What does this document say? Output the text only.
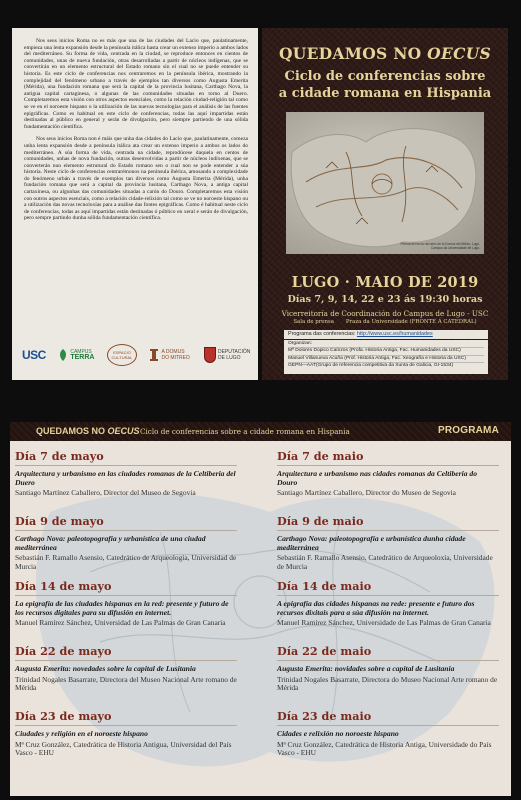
Nos seus inicios Roma no es más que una de las ciudades del Lacio que, paulatinamente, empieza una lenta expansión desde la península itálica hasta crear un extenso imperio a ambos lados del mediterráneo. Su forma de vida, centrada en la ciudad, se reproduce entonces en cientos de comunidades, unas de nueva fundación, otras desarrolladas a partir de núcleos indígenas, que se convertirán en un elemento estructural del Estado romano sin el cual no se puede entender su historia. Es este ciclo de conferencias nos centraremos en la península ibérica, mostrando la complejidad del fenómeno urbano a través de ejemplos tan diversos como Augusta Emerita (Mérida), una fundación romana que será la capital de la provincia lusitana, Carthago Nova, la antigua capital cartaginesa, o algunas de las comunidades situadas en torno al Duero. Completaremos esta visión con otros aspectos esenciales, como la relación ciudad-religión tal como se ve en el noroeste hispano o la utilización de las nuevas tecnologías para el análisis de las fuentes epigráficas. Como es habitual en este ciclo de conferencias, todas las aquí impartidas están destinadas al público en general y serán de divulgación, pero siempre partiendo de una sólida fundamentación científica.

Nos seus inicios Roma non é máis que unha das cidades do Lacio que, paulatinamente, comeza unha lenta expansión desde a península itálica ata crear un extenso imperio a ambos os lados do mediterráneo. A súa forma de vida, centrada na cidade, reprodúcese daquela en centos de comunidades, unhas de nova fundación, outras desenvolvidas a partir de núcleos indíxenas, que se converterán nun elemento estrutural do Estado romano sen o cual non se pode entender a súa historia. Neste ciclo de conferencias centrarémonos na península ibérica, amosando a complexidade do fenómeno urbán a través de exemplos tan diversos como Augusta Emerita (Mérida), unha fundación romana que será a capital da provincia lusitana, Carthago Nova, a antiga capital cartaxinesa, ou algunhas das comunidades situadas a carón do Douro. Completaremos esta visión con outros aspectos esenciais, como a relación cidade-relixión tal como se ve no noroeste hispano ou a utilización das novas tecnoloxías para a análise das fontes epigráficas. Como é habitual neste ciclo de conferencias, todas as aquí impartidas están destinadas ó público en xeral e serán de divulgación, pero sempre partindo dunha sólida fundamentación científica.

USC	CAMPUS
TERRA
ESPACIO CULTURAL
A DOMUS DO MITREO
DEPUTACIÓN DE LUGO
QUEDAMOS NO OECUS
Ciclo de conferencias sobre
a cidade romana en Hispania
Pintura del techo del atrio de la Domus del Mitreo, Lugo. Campus da Universidade de Lugo.
LUGO · MAIO DE 2019
Días 7, 9, 14, 22 e 23 ás 19:30 horas
Vicerreitoría de Coordinación do Campus de Lugo - USC
Sala de prensa Praza da Universidade (FRONTE Á CATEDRAL)
Programa das conferencias: http://www.usc.es/humanidades
Organizan:
Mª Dolores Dopico Caínzos (Profa. Historia Antiga, Fac. Humanidades da USC)
Manuel Villanueva Acuña (Prof. Historia Antiga, Fac. Xeografía e Historia da USC)
GEPN—AAT(Grupo de referencia competitiva da Xunta de Galicia, GI-1534)
QUEDAMOS NO OECUS Ciclo de conferencias sobre a cidade romana en Hispania	PROGRAMA
Día 7 de mayo
Arquitectura y urbanismo en las ciudades romanas de la Celtiberia del Duero
Santiago Martínez Caballero, Director del Museo de Segovia
Día 9 de mayo
Carthago Nova: paleotopografía y urbanística de una ciudad mediterránea
Sebastián F. Ramallo Asensio, Catedrático de Arqueología, Universidad de Murcia
Día 14 de mayo
La epigrafía de las ciudades hispanas en la red: presente y futuro de los recursos digitales para su difusión en internet.
Manuel Ramírez Sánchez, Universidad de Las Palmas de Gran Canaria
Día 22 de mayo
Augusta Emerita: novedades sobre la capital de Lusitania
Trinidad Nogales Basarrate, Directora del Museo Nacional Arte romano de Mérida
Día 23 de mayo
Ciudades y religión en el noroeste hispano
Mª Cruz González, Catedrática de Historia Antigua, Universidad del País Vasco - EHU
Día 7 de maio
Arquitectura e urbanismo nas cidades romanas da Celtiberia do Douro
Santiago Martínez Caballero, Director do Museo de Segovia
Día 9 de maio
Carthago Nova: paleotopografía e urbanística dunha cidade mediterránea
Sebastián F. Ramallo Asensio, Catedrático de Arqueoloxía, Universidade de Murcia
Día 14 de maio
A epigrafía das cidades hispanas na rede: presente e futuro dos recursos dixitais para a súa difusión na internet.
Manuel Ramírez Sánchez, Universidade de Las Palmas de Gran Canaria
Día 22 de maio
Augusta Emerita: novidades sobre a capital de Lusitania
Trinidad Nogales Basarrate, Directora do Museo Nacional Arte romano de Mérida
Día 23 de maio
Cidades e relixión no noroeste hispano
Mª Cruz González, Catedrática de Historia Antiga, Universidade do País Vasco - EHU
